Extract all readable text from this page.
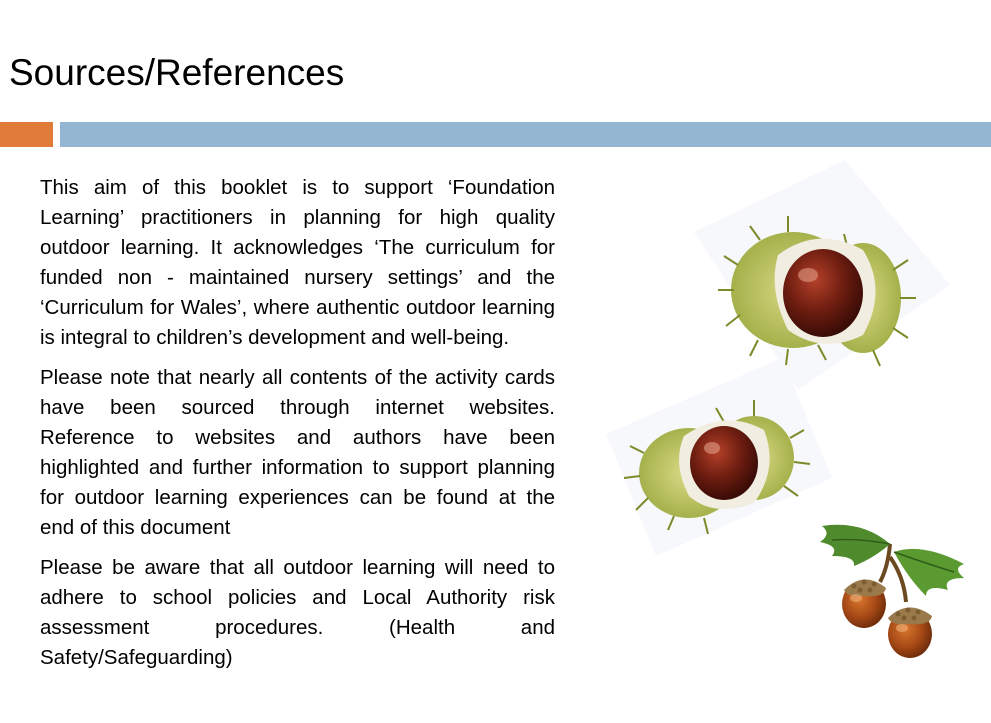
Sources/References

This aim of this booklet is to support ‘Foundation Learning’ practitioners in planning for high quality outdoor learning. It acknowledges ‘The curriculum for funded non - maintained nursery settings’ and the ‘Curriculum for Wales’, where authentic outdoor learning is integral to children’s development and well-being.

Please note that nearly all contents of the activity cards have been sourced through internet websites. Reference to websites and authors have been highlighted and further information to support planning for outdoor learning experiences can be found at the end of this document

Please be aware that all outdoor learning will need to adhere to school policies and Local Authority risk assessment procedures. (Health and Safety/Safeguarding)
